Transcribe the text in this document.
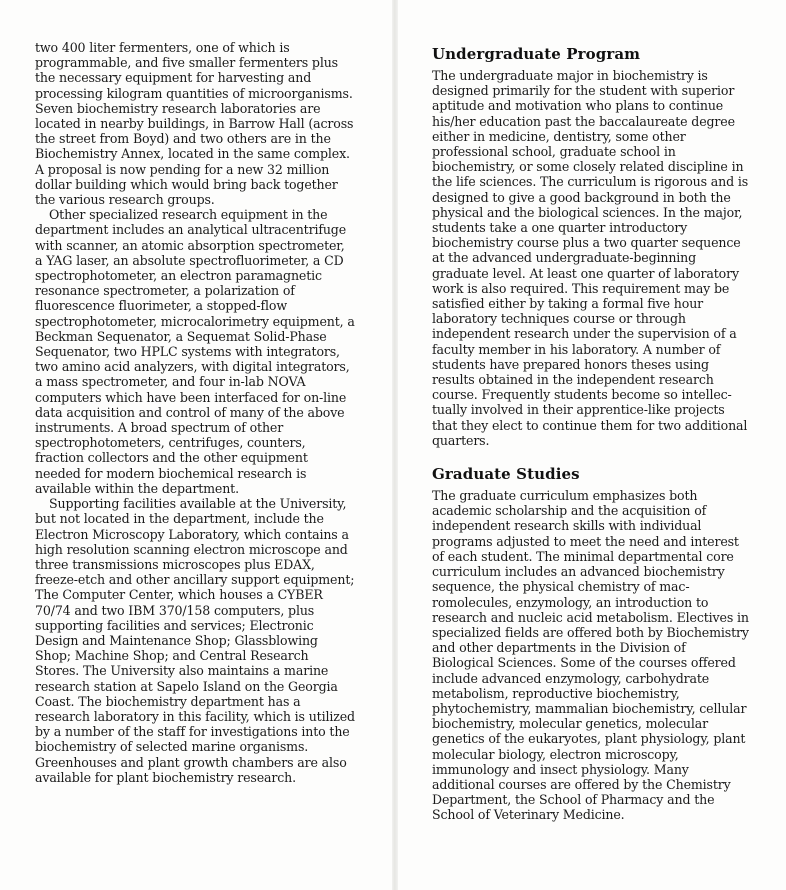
two 400 liter fermenters, one of which is programmable, and five smaller fermenters plus the necessary equipment for harvesting and processing kilogram quantities of microorganisms. Seven biochemistry research laboratories are located in nearby buildings, in Barrow Hall (across the street from Boyd) and two others are in the Biochemistry Annex, located in the same complex. A proposal is now pending for a new 32 million dollar building which would bring back together the various research groups.

Other specialized research equipment in the department includes an analytical ultracentrifuge with scanner, an atomic absorption spectrometer, a YAG laser, an absolute spectrofluorimeter, a CD spectrophotometer, an electron paramagnetic resonance spectrometer, a polarization of fluorescence fluorimeter, a stopped-flow spectrophotometer, microcalorimetry equipment, a Beckman Sequenator, a Sequemat Solid-Phase Sequenator, two HPLC systems with integrators, two amino acid analyzers, with digital integrators, a mass spectrometer, and four in-lab NOVA computers which have been interfaced for on-line data acquisition and control of many of the above instruments. A broad spectrum of other spectrophotometers, centrifuges, counters, fraction collectors and the other equipment needed for modern biochemical research is available within the department.

Supporting facilities available at the University, but not located in the department, include the Electron Microscopy Laboratory, which contains a high resolution scanning electron microscope and three transmissions microscopes plus EDAX, freeze-etch and other ancillary support equipment; The Computer Center, which houses a CYBER 70/74 and two IBM 370/158 computers, plus supporting facilities and services; Electronic Design and Maintenance Shop; Glassblowing Shop; Machine Shop; and Central Research Stores. The University also maintains a marine research station at Sapelo Island on the Georgia Coast. The biochemistry department has a research laboratory in this facility, which is utilized by a number of the staff for investigations into the biochemistry of selected marine organisms. Greenhouses and plant growth chambers are also available for plant biochemistry research.

Undergraduate Program

The undergraduate major in biochemistry is designed primarily for the student with superior aptitude and motivation who plans to continue his/her education past the baccalaureate degree either in medicine, dentistry, some other professional school, graduate school in biochemistry, or some closely related discipline in the life sciences. The curriculum is rigorous and is designed to give a good background in both the physical and the biological sciences. In the major, students take a one quarter introductory biochemistry course plus a two quarter sequence at the advanced undergraduate-beginning graduate level. At least one quarter of laboratory work is also required. This requirement may be satisfied either by taking a formal five hour laboratory techniques course or through independent research under the supervision of a faculty member in his laboratory. A number of students have prepared honors theses using results obtained in the independent research course. Frequently students become so intellectually involved in their apprentice-like projects that they elect to continue them for two additional quarters.

Graduate Studies

The graduate curriculum emphasizes both academic scholarship and the acquisition of independent research skills with individual programs adjusted to meet the need and interest of each student. The minimal departmental core curriculum includes an advanced biochemistry sequence, the physical chemistry of macromolecules, enzymology, an introduction to research and nucleic acid metabolism. Electives in specialized fields are offered both by Biochemistry and other departments in the Division of Biological Sciences. Some of the courses offered include advanced enzymology, carbohydrate metabolism, reproductive biochemistry, phytochemistry, mammalian biochemistry, cellular biochemistry, molecular genetics, molecular genetics of the eukaryotes, plant physiology, plant molecular biology, electron microscopy, immunology and insect physiology. Many additional courses are offered by the Chemistry Department, the School of Pharmacy and the School of Veterinary Medicine.
